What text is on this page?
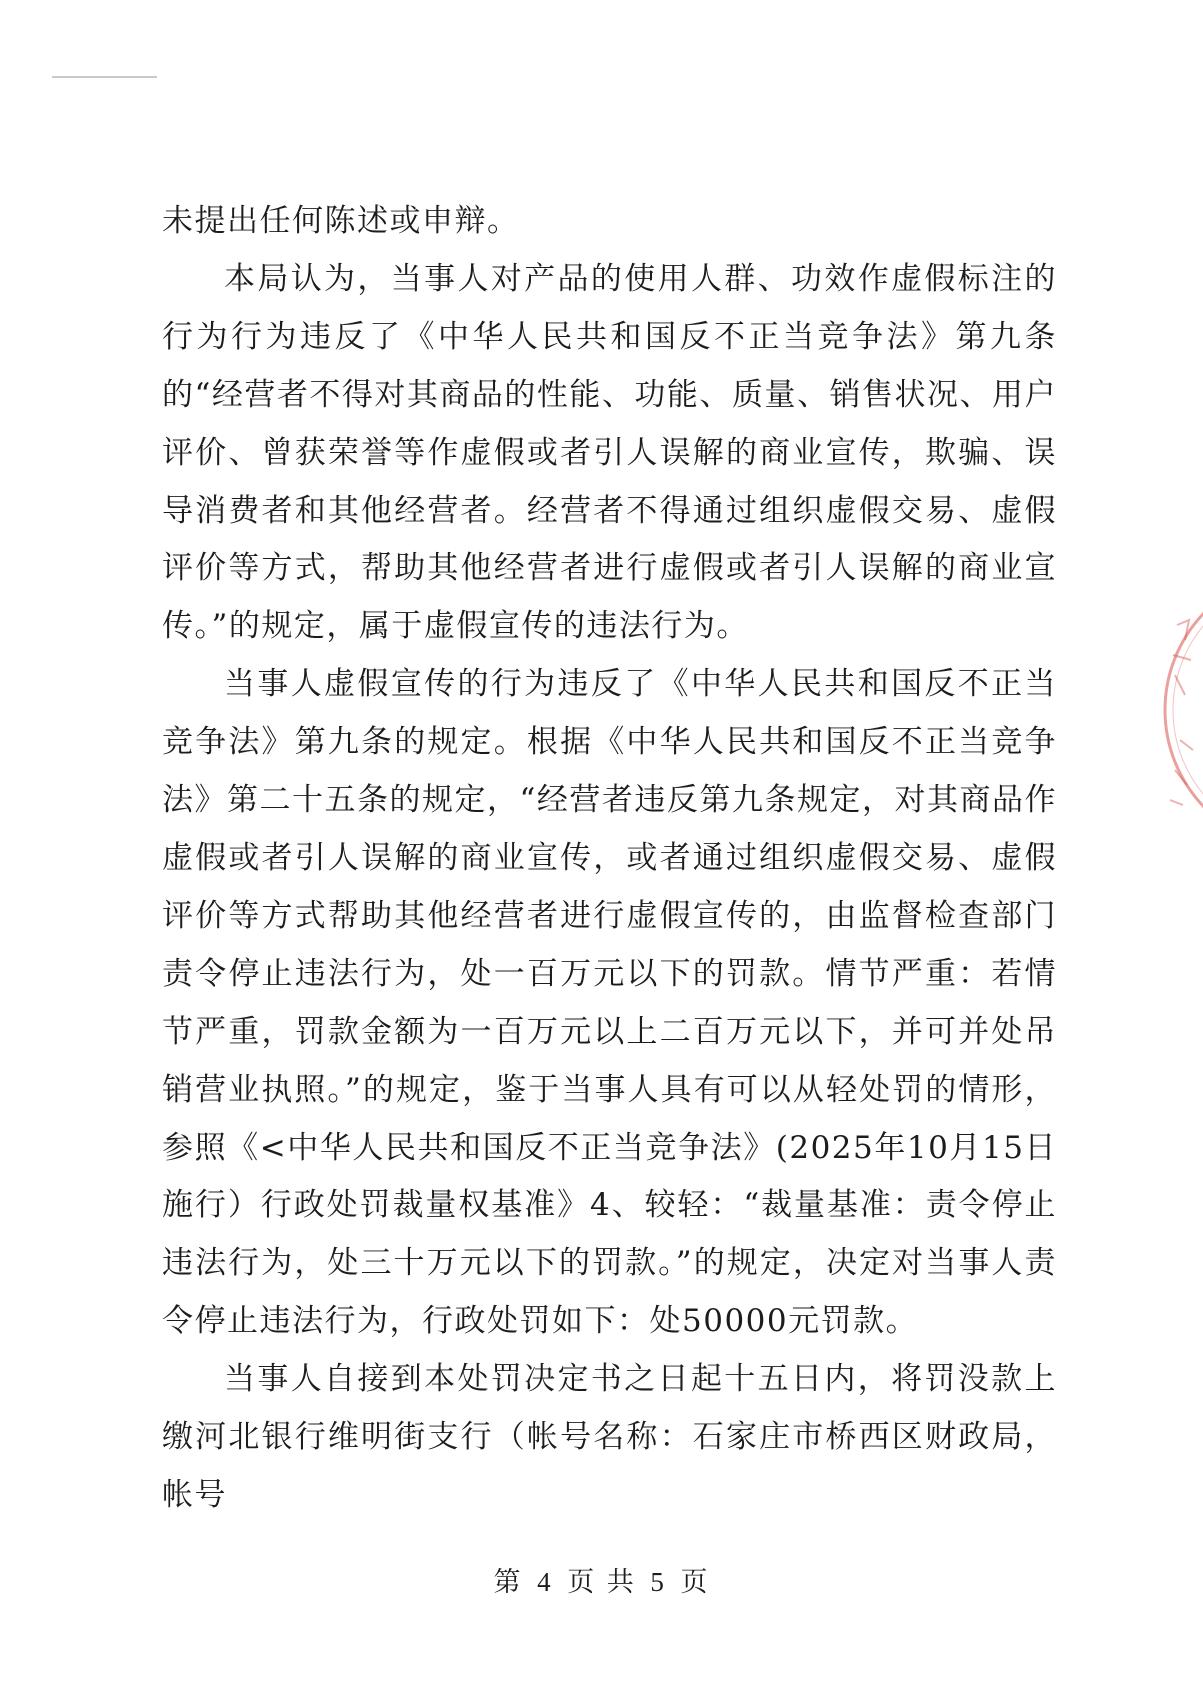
未提出任何陈述或申辩。

本局认为，当事人对产品的使用人群、功效作虚假标注的行为行为违反了《中华人民共和国反不正当竞争法》第九条的“经营者不得对其商品的性能、功能、质量、销售状况、用户评价、曾获荣誉等作虚假或者引人误解的商业宣传，欺骗、误导消费者和其他经营者。经营者不得通过组织虚假交易、虚假评价等方式，帮助其他经营者进行虚假或者引人误解的商业宣传。”的规定，属于虚假宣传的违法行为。

当事人虚假宣传的行为违反了《中华人民共和国反不正当竞争法》第九条的规定。根据《中华人民共和国反不正当竞争法》第二十五条的规定，“经营者违反第九条规定，对其商品作虚假或者引人误解的商业宣传，或者通过组织虚假交易、虚假评价等方式帮助其他经营者进行虚假宣传的，由监督检查部门责令停止违法行为，处一百万元以下的罚款。情节严重：若情节严重，罚款金额为一百万元以上二百万元以下，并可并处吊销营业执照。”的规定，鉴于当事人具有可以从轻处罚的情形，参照《<中华人民共和国反不正当竞争法》(2025年10月15日施行）行政处罚裁量权基准》4、较轻：“裁量基准：责令停止违法行为，处三十万元以下的罚款。”的规定，决定对当事人责令停止违法行为，行政处罚如下：处50000元罚款。

当事人自接到本处罚决定书之日起十五日内，将罚没款上缴河北银行维明街支行（帐号名称：石家庄市桥西区财政局，帐号

第 4 页 共 5 页
